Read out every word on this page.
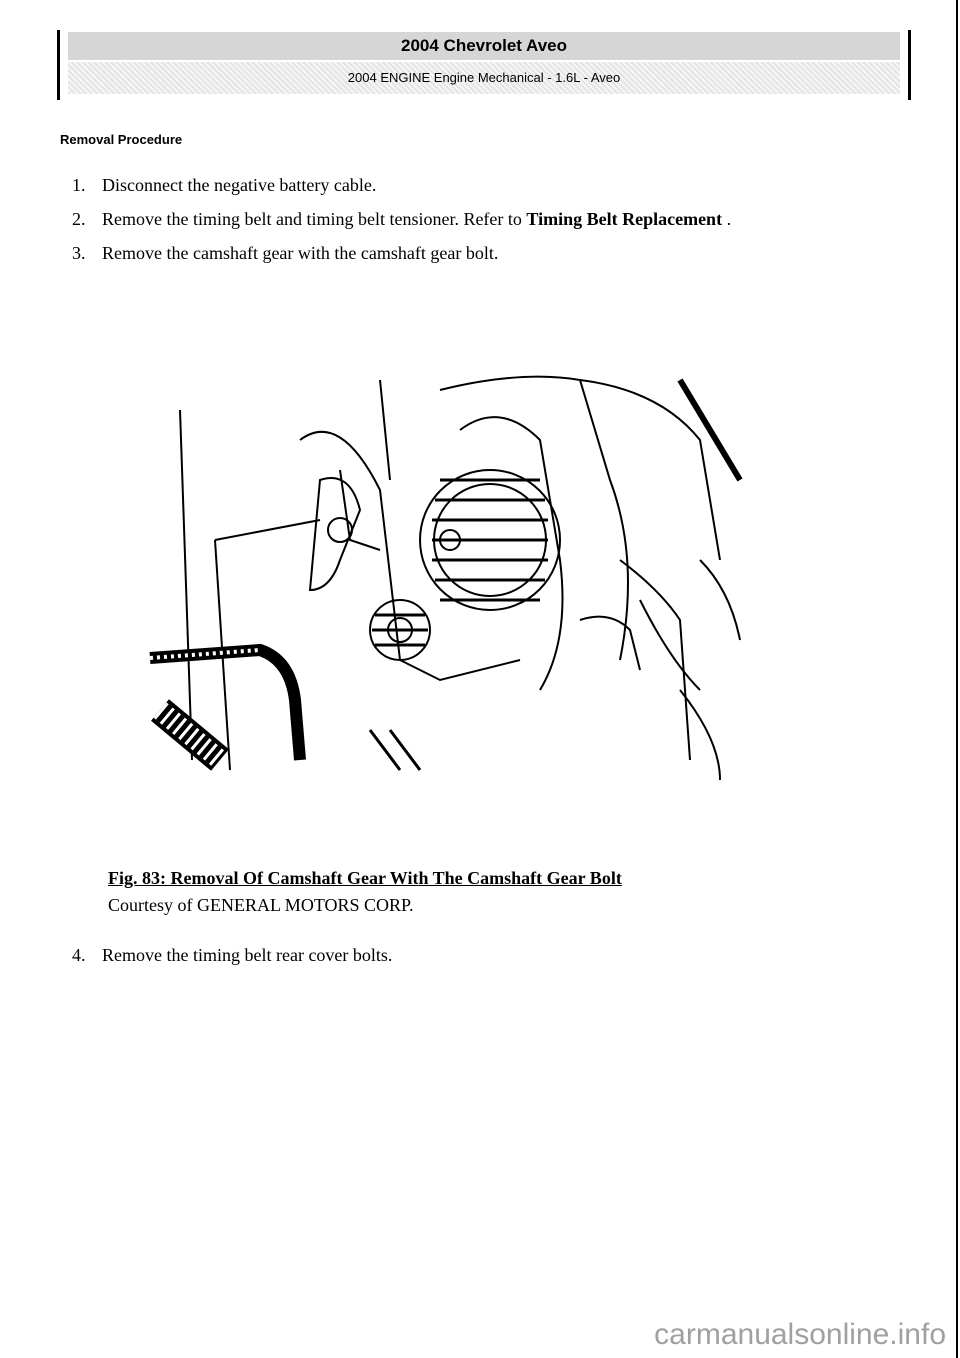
2004 Chevrolet Aveo
2004 ENGINE Engine Mechanical - 1.6L - Aveo
Removal Procedure
1. Disconnect the negative battery cable.
2. Remove the timing belt and timing belt tensioner. Refer to Timing Belt Replacement .
3. Remove the camshaft gear with the camshaft gear bolt.
Fig. 83: Removal Of Camshaft Gear With The Camshaft Gear Bolt
Courtesy of GENERAL MOTORS CORP.
4. Remove the timing belt rear cover bolts.
carmanualsonline.info
